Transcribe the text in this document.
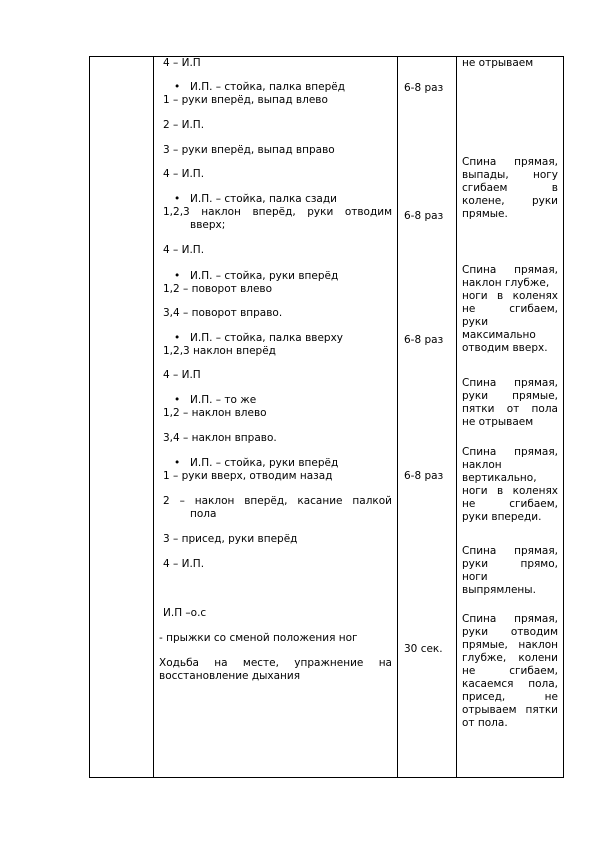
4 – И.П
• И.П. – стойка, палка вперёд
1 – руки вперёд, выпад влево
2 – И.П.
3 – руки вперёд, выпад вправо
4 – И.П.
• И.П. – стойка, палка сзади
1,2,3 наклон вперёд, руки отводим
вверх;
4 – И.П.
• И.П. – стойка, руки вперёд
1,2 – поворот влево
3,4 – поворот вправо.
• И.П. – стойка, палка вверху
1,2,3 наклон вперёд
4 – И.П
• И.П. – то же
1,2 – наклон влево
3,4 – наклон вправо.
• И.П. – стойка, руки вперёд
1 – руки вверх, отводим назад
2 – наклон вперёд, касание палкой
пола
3 – присед, руки вперёд
4 – И.П.
И.П –о.с
- прыжки со сменой положения ног
Ходьба на месте, упражнение на
восстановление дыхания
6-8 раз
6-8 раз
6-8 раз
6-8 раз
30 сек.
не отрываем
Спина прямая,
выпады, ногу
сгибаем в
колене, руки
прямые.
Спина прямая,
наклон глубже,
ноги в коленях
не сгибаем,
руки
максимально
отводим вверх.
Спина прямая,
руки прямые,
пятки от пола
не отрываем
Спина прямая,
наклон
вертикально,
ноги в коленях
не сгибаем,
руки впереди.
Спина прямая,
руки прямо,
ноги
выпрямлены.
Спина прямая,
руки отводим
прямые, наклон
глубже, колени
не сгибаем,
касаемся пола,
присед, не
отрываем пятки
от пола.
